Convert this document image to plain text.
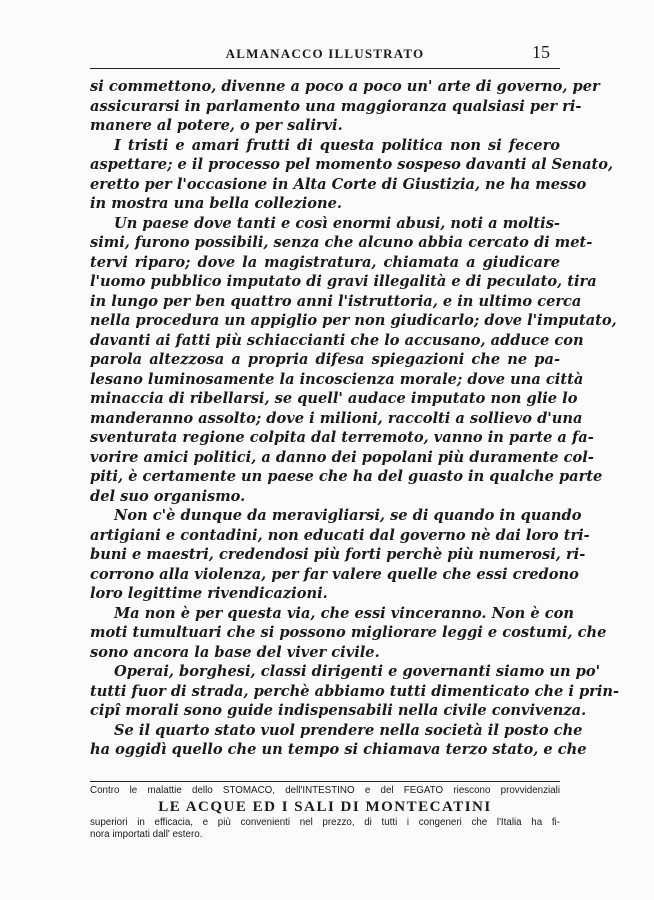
ALMANACCO ILLUSTRATO	15
si commettono, divenne a poco a poco un' arte di governo, per
assicurarsi in parlamento una maggioranza qualsiasi per ri-
manere al potere, o per salirvi.
I tristi e amari frutti di questa politica non si fecero
aspettare; e il processo pel momento sospeso davanti al Senato,
eretto per l'occasione in Alta Corte di Giustizia, ne ha messo
in mostra una bella collezione.
Un paese dove tanti e così enormi abusi, noti a moltis-
simi, furono possibili, senza che alcuno abbia cercato di met-
tervi riparo; dove la magistratura, chiamata a giudicare
l'uomo pubblico imputato di gravi illegalità e di peculato, tira
in lungo per ben quattro anni l'istruttoria, e in ultimo cerca
nella procedura un appiglio per non giudicarlo; dove l'imputato,
davanti ai fatti più schiaccianti che lo accusano, adduce con
parola altezzosa a propria difesa spiegazioni che ne pa-
lesano luminosamente la incoscienza morale; dove una città
minaccia di ribellarsi, se quell' audace imputato non glie lo
manderanno assolto; dove i milioni, raccolti a sollievo d'una
sventurata regione colpita dal terremoto, vanno in parte a fa-
vorire amici politici, a danno dei popolani più duramente col-
piti, è certamente un paese che ha del guasto in qualche parte
del suo organismo.
Non c'è dunque da meravigliarsi, se di quando in quando
artigiani e contadini, non educati dal governo nè dai loro tri-
buni e maestri, credendosi più forti perchè più numerosi, ri-
corrono alla violenza, per far valere quelle che essi credono
loro legittime rivendicazioni.
Ma non è per questa via, che essi vinceranno. Non è con
moti tumultuari che si possono migliorare leggi e costumi, che
sono ancora la base del viver civile.
Operai, borghesi, classi dirigenti e governanti siamo un po'
tutti fuor di strada, perchè abbiamo tutti dimenticato che i prin-
cipî morali sono guide indispensabili nella civile convivenza.
Se il quarto stato vuol prendere nella società il posto che
ha oggidì quello che un tempo si chiamava terzo stato, e che
Contro le malattie dello STOMACO, dell'INTESTINO e del FEGATO riescono provvidenziali
LE ACQUE ED I SALI DI MONTECATINI
superiori in efficacia, e più convenienti nel prezzo, di tutti i congeneri che l'Italia ha fi-
nora importati dall' estero.
